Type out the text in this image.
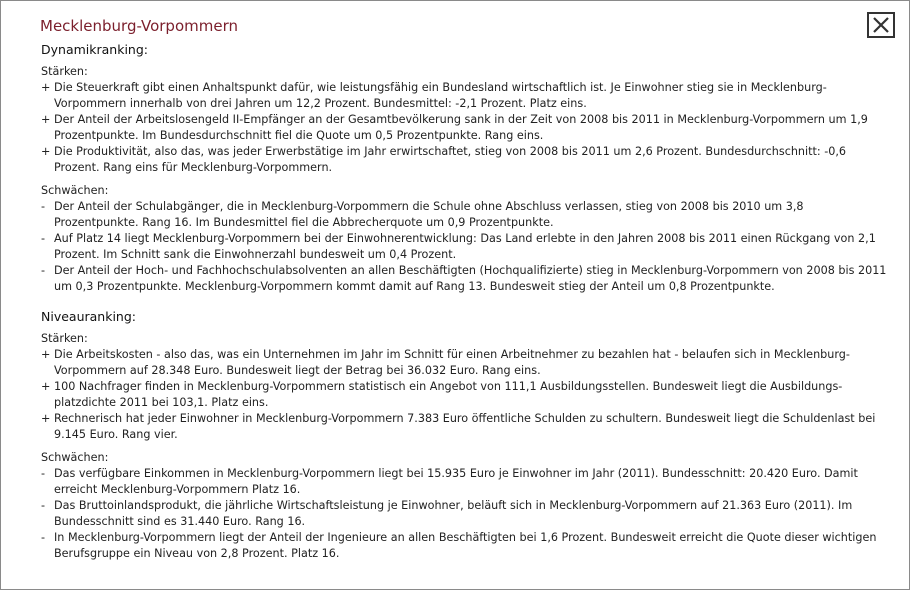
Mecklenburg-Vorpommern
Dynamikranking:
Stärken:
+ Die Steuerkraft gibt einen Anhaltspunkt dafür, wie leistungsfähig ein Bundesland wirtschaftlich ist. Je Einwohner stieg sie in Mecklenburg-Vorpommern innerhalb von drei Jahren um 12,2 Prozent. Bundesmittel: -2,1 Prozent. Platz eins.
+ Der Anteil der Arbeitslosengeld II-Empfänger an der Gesamtbevölkerung sank in der Zeit von 2008 bis 2011 in Mecklenburg-Vorpommern um 1,9 Prozentpunkte. Im Bundesdurchschnitt fiel die Quote um 0,5 Prozentpunkte. Rang eins.
+ Die Produktivität, also das, was jeder Erwerbstätige im Jahr erwirtschaftet, stieg von 2008 bis 2011 um 2,6 Prozent. Bundesdurchschnitt: -0,6 Prozent. Rang eins für Mecklenburg-Vorpommern.
Schwächen:
- Der Anteil der Schulabgänger, die in Mecklenburg-Vorpommern die Schule ohne Abschluss verlassen, stieg von 2008 bis 2010 um 3,8 Prozentpunkte. Rang 16. Im Bundesmittel fiel die Abbrecherquote um 0,9 Prozentpunkte.
- Auf Platz 14 liegt Mecklenburg-Vorpommern bei der Einwohnerentwicklung: Das Land erlebte in den Jahren 2008 bis 2011 einen Rückgang von 2,1 Prozent. Im Schnitt sank die Einwohnerzahl bundesweit um 0,4 Prozent.
- Der Anteil der Hoch- und Fachhochschulabsolventen an allen Beschäftigten (Hochqualifizierte) stieg in Mecklenburg-Vorpommern von 2008 bis 2011 um 0,3 Prozentpunkte. Mecklenburg-Vorpommern kommt damit auf Rang 13. Bundesweit stieg der Anteil um 0,8 Prozentpunkte.
Niveauranking:
Stärken:
+ Die Arbeitskosten - also das, was ein Unternehmen im Jahr im Schnitt für einen Arbeitnehmer zu bezahlen hat - belaufen sich in Mecklenburg-Vorpommern auf 28.348 Euro. Bundesweit liegt der Betrag bei 36.032 Euro. Rang eins.
+ 100 Nachfrager finden in Mecklenburg-Vorpommern statistisch ein Angebot von 111,1 Ausbildungsstellen. Bundesweit liegt die Ausbildungs- platzdichte 2011 bei 103,1. Platz eins.
+ Rechnerisch hat jeder Einwohner in Mecklenburg-Vorpommern 7.383 Euro öffentliche Schulden zu schultern. Bundesweit liegt die Schuldenlast bei 9.145 Euro. Rang vier.
Schwächen:
- Das verfügbare Einkommen in Mecklenburg-Vorpommern liegt bei 15.935 Euro je Einwohner im Jahr (2011). Bundesschnitt: 20.420 Euro. Damit erreicht Mecklenburg-Vorpommern Platz 16.
- Das Bruttoinlandsprodukt, die jährliche Wirtschaftsleistung je Einwohner, beläuft sich in Mecklenburg-Vorpommern auf 21.363 Euro (2011). Im Bundesschnitt sind es 31.440 Euro. Rang 16.
- In Mecklenburg-Vorpommern liegt der Anteil der Ingenieure an allen Beschäftigten bei 1,6 Prozent. Bundesweit erreicht die Quote dieser wichtigen Berufsgruppe ein Niveau von 2,8 Prozent. Platz 16.
